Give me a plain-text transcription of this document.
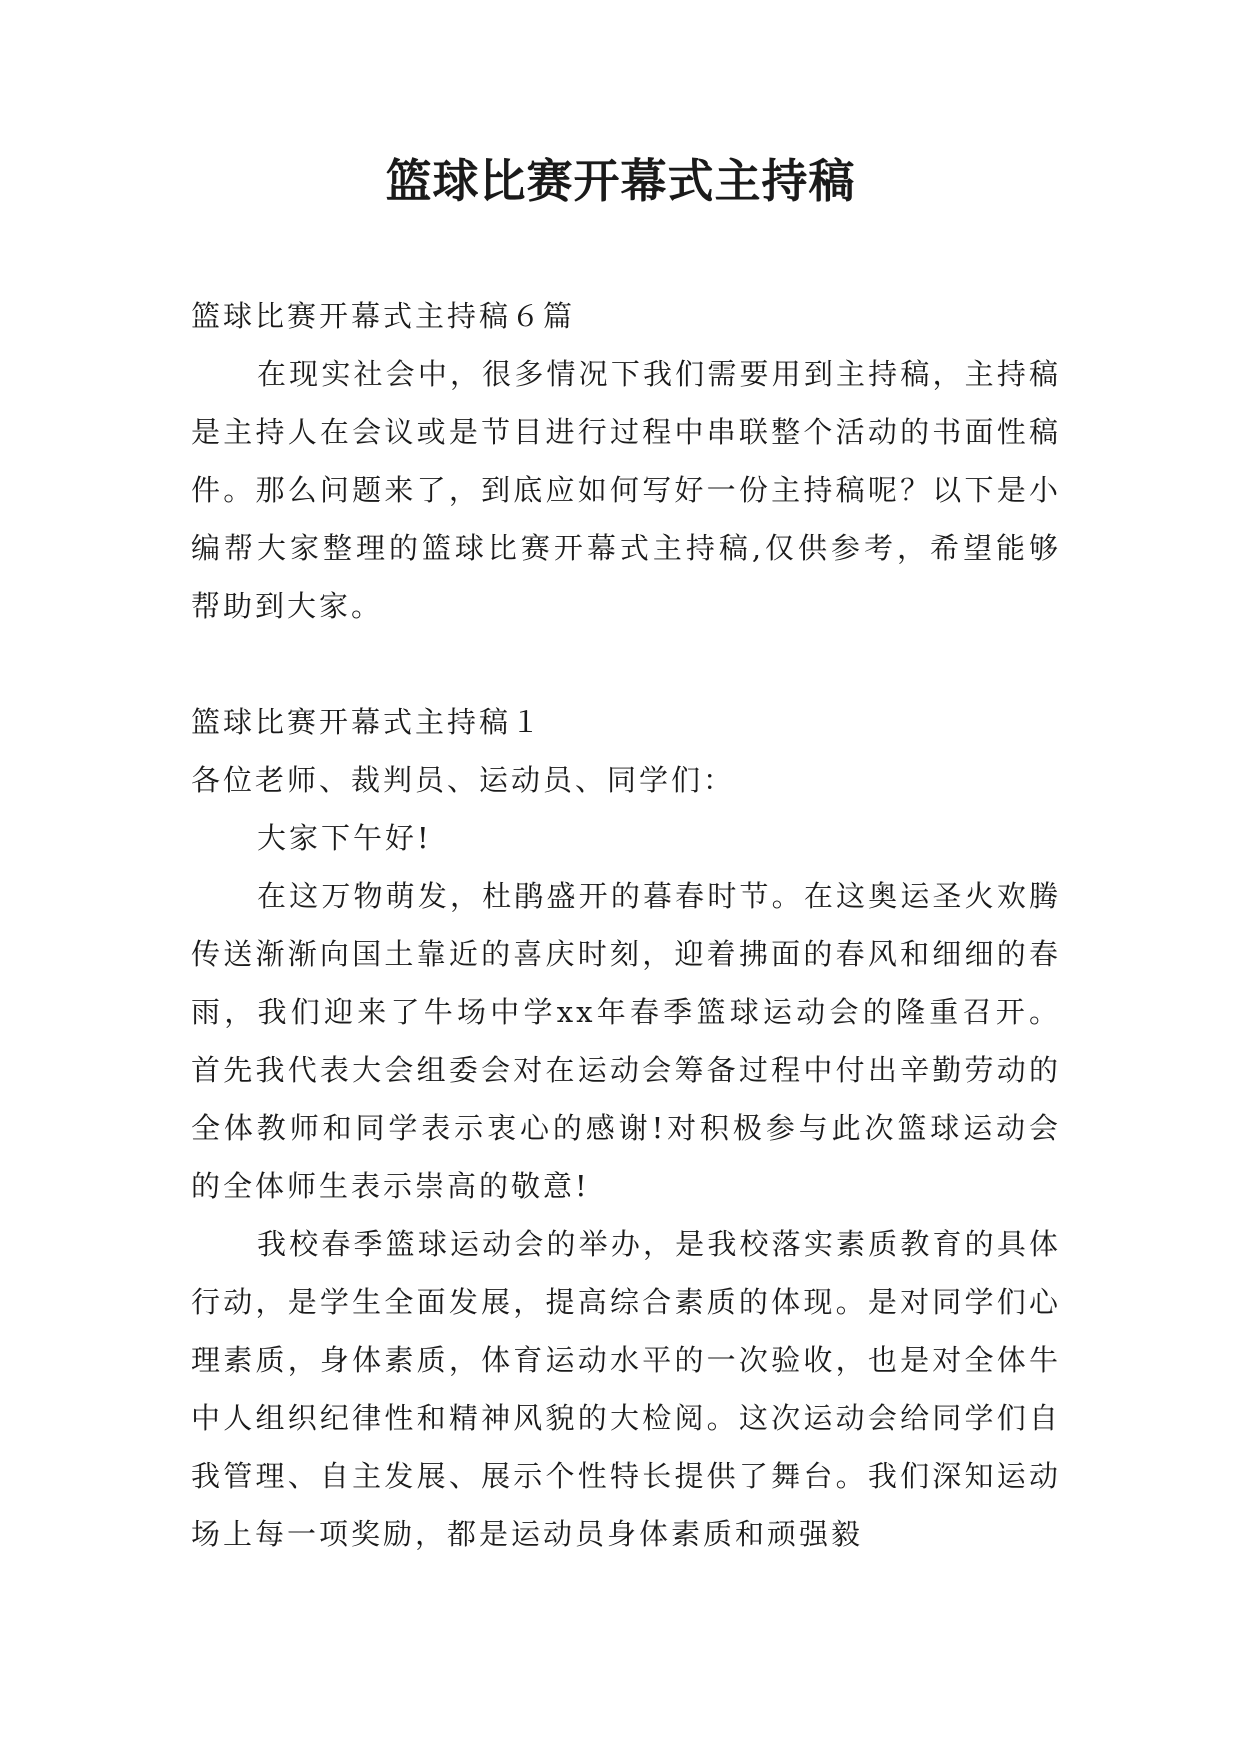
篮球比赛开幕式主持稿

篮球比赛开幕式主持稿６篇

在现实社会中，很多情况下我们需要用到主持稿，主持稿是主持人在会议或是节目进行过程中串联整个活动的书面性稿件。那么问题来了，到底应如何写好一份主持稿呢？以下是小编帮大家整理的篮球比赛开幕式主持稿,仅供参考，希望能够帮助到大家。

篮球比赛开幕式主持稿１

各位老师、裁判员、运动员、同学们：

大家下午好!

在这万物萌发，杜鹃盛开的暮春时节。在这奥运圣火欢腾传送渐渐向国土靠近的喜庆时刻，迎着拂面的春风和细细的春雨，我们迎来了牛场中学xx年春季篮球运动会的隆重召开。首先我代表大会组委会对在运动会筹备过程中付出辛勤劳动的全体教师和同学表示衷心的感谢!对积极参与此次篮球运动会的全体师生表示崇高的敬意!

我校春季篮球运动会的举办，是我校落实素质教育的具体行动，是学生全面发展，提高综合素质的体现。是对同学们心理素质，身体素质，体育运动水平的一次验收，也是对全体牛中人组织纪律性和精神风貌的大检阅。这次运动会给同学们自我管理、自主发展、展示个性特长提供了舞台。我们深知运动场上每一项奖励，都是运动员身体素质和顽强毅
